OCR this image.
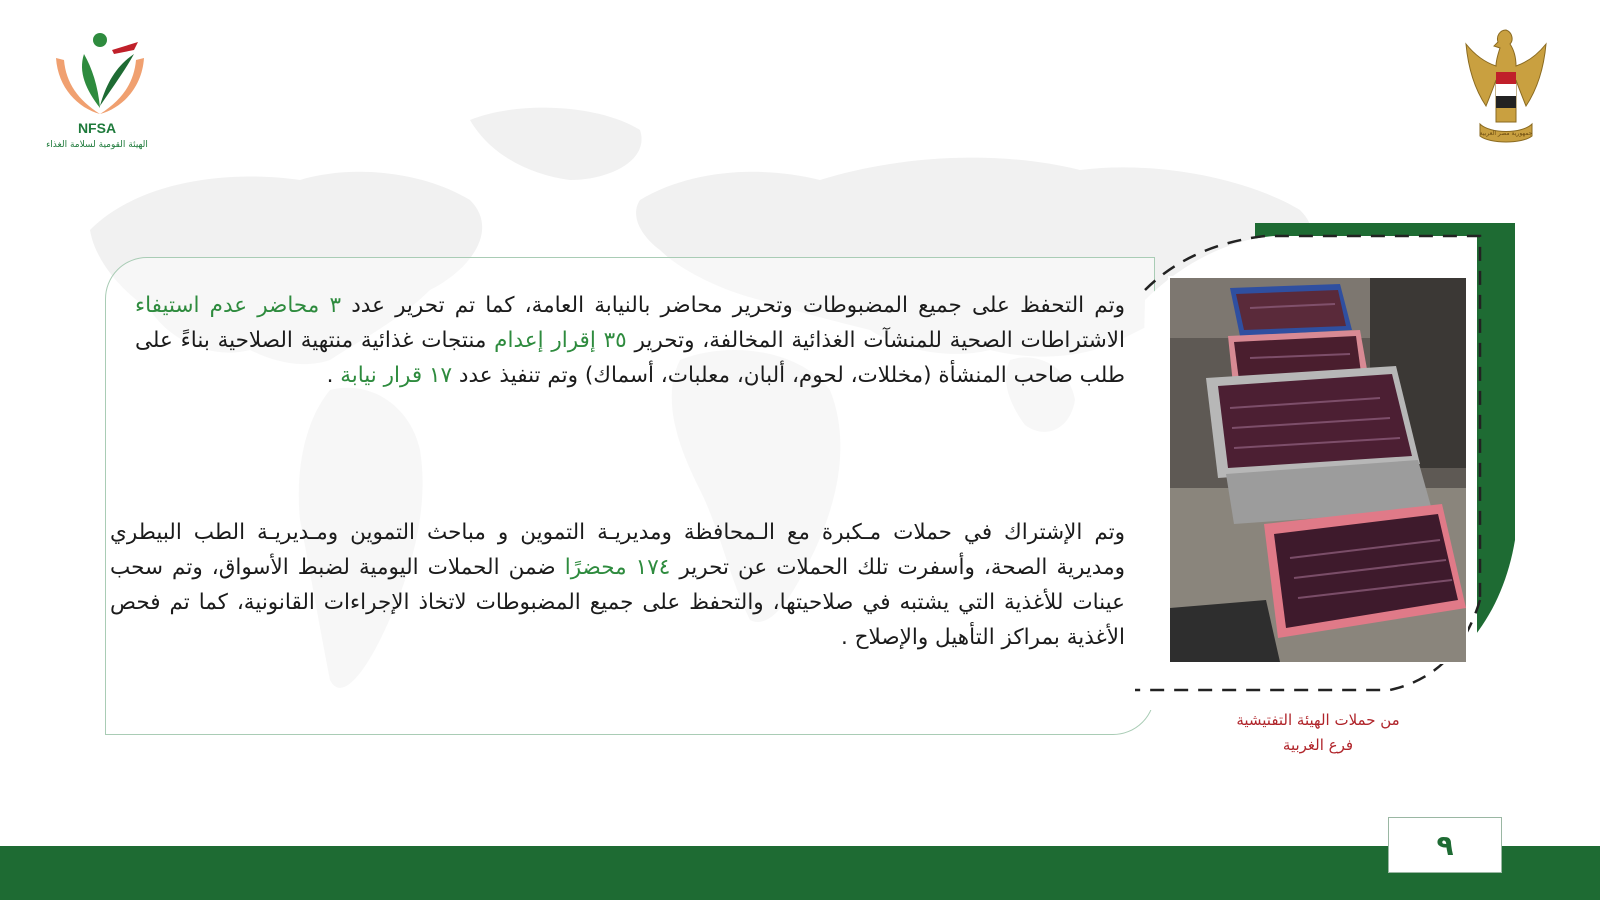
NFSA
الهيئة القومية لسلامة الغذاء
جمهورية مصر العربية
وتم التحفظ على جميع المضبوطات وتحرير محاضر بالنيابة العامة، كما تم تحرير عدد ٣ محاضر عدم استيفاء الاشتراطات الصحية للمنشآت الغذائية المخالفة، وتحرير ٣٥ إقرار إعدام منتجات غذائية منتهية الصلاحية بناءً على طلب صاحب المنشأة (مخللات، لحوم، ألبان، معلبات، أسماك) وتم تنفيذ عدد ١٧ قرار نيابة .
وتم الإشتراك في حملات مـكبرة مع الـمحافظة ومديريـة التموين و مباحث التموين ومـديريـة الطب البيطري ومديرية الصحة، وأسفرت تلك الحملات عن تحرير ١٧٤ محضرًا ضمن الحملات اليومية لضبط الأسواق، وتم سحب عينات للأغذية التي يشتبه في صلاحيتها، والتحفظ على جميع المضبوطات لاتخاذ الإجراءات القانونية، كما تم فحص الأغذية بمراكز التأهيل والإصلاح .
من حملات الهيئة التفتيشية
فرع الغربية
٩
